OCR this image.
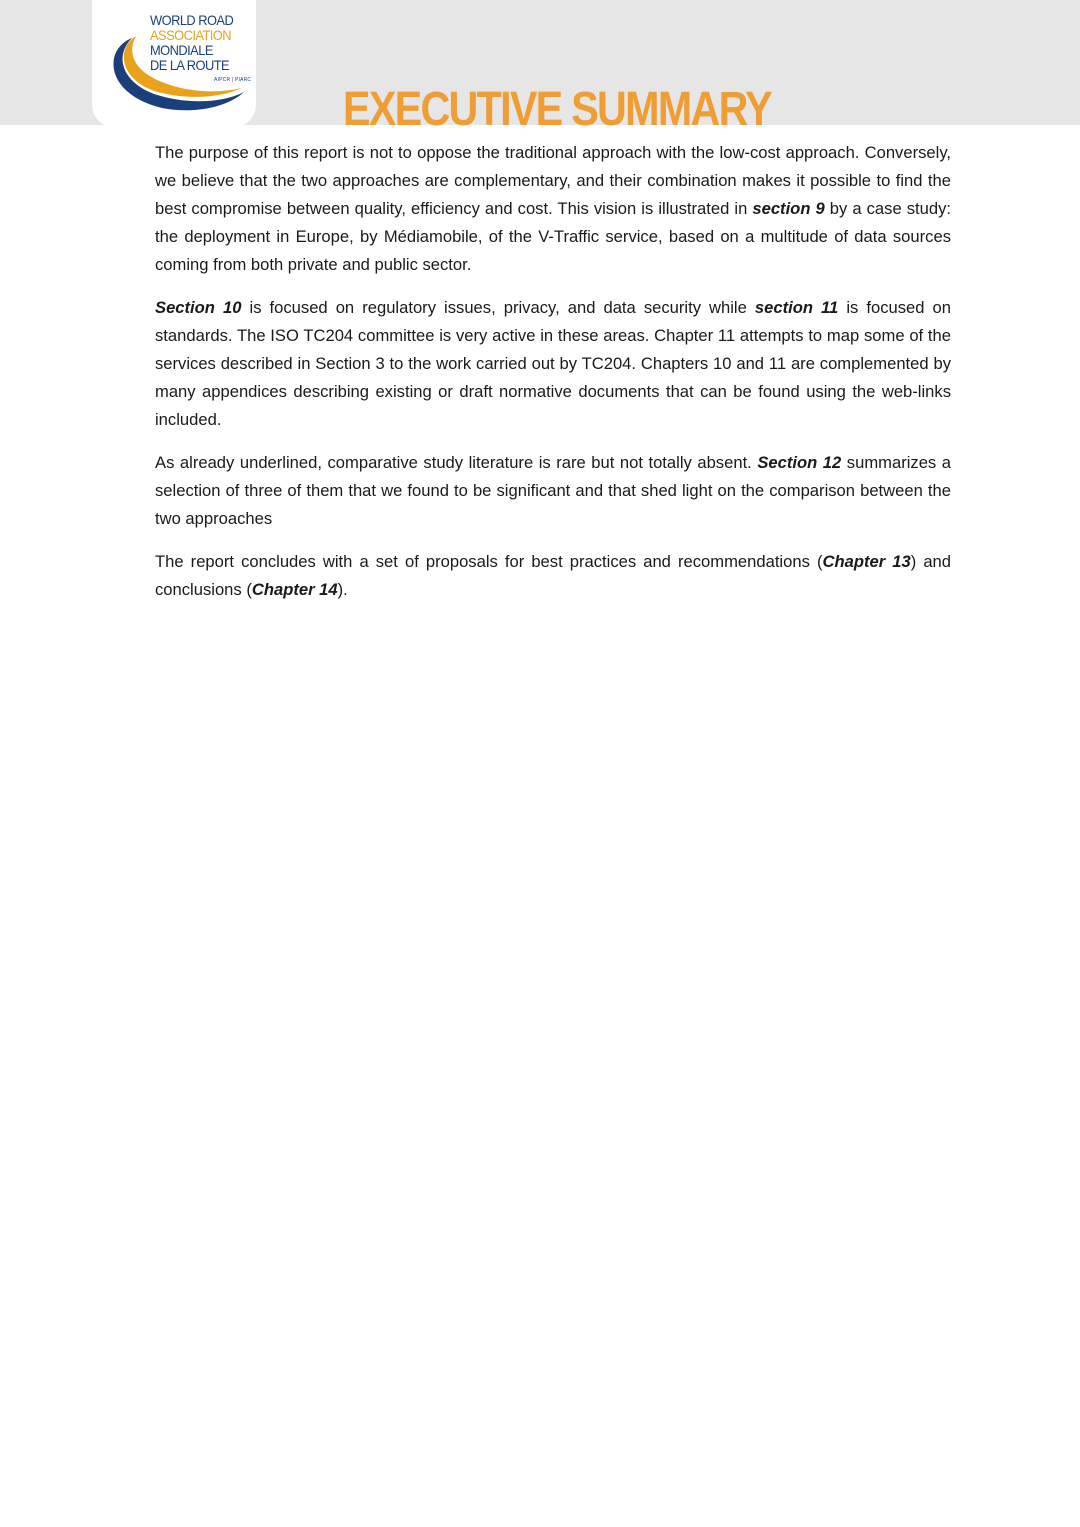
WORLD ROAD
ASSOCIATION
MONDIALE
DE LA ROUTE
AIPCR | PIARC
EXECUTIVE SUMMARY

The purpose of this report is not to oppose the traditional approach with the low-cost approach. Conversely, we believe that the two approaches are complementary, and their combination makes it possible to find the best compromise between quality, efficiency and cost. This vision is illustrated in section 9 by a case study: the deployment in Europe, by Médiamobile, of the V-Traffic service, based on a multitude of data sources coming from both private and public sector.

Section 10 is focused on regulatory issues, privacy, and data security while section 11 is focused on standards. The ISO TC204 committee is very active in these areas. Chapter 11 attempts to map some of the services described in Section 3 to the work carried out by TC204. Chapters 10 and 11 are complemented by many appendices describing existing or draft normative documents that can be found using the web-links included.

As already underlined, comparative study literature is rare but not totally absent. Section 12 summarizes a selection of three of them that we found to be significant and that shed light on the comparison between the two approaches

The report concludes with a set of proposals for best practices and recommendations (Chapter 13) and conclusions (Chapter 14).
